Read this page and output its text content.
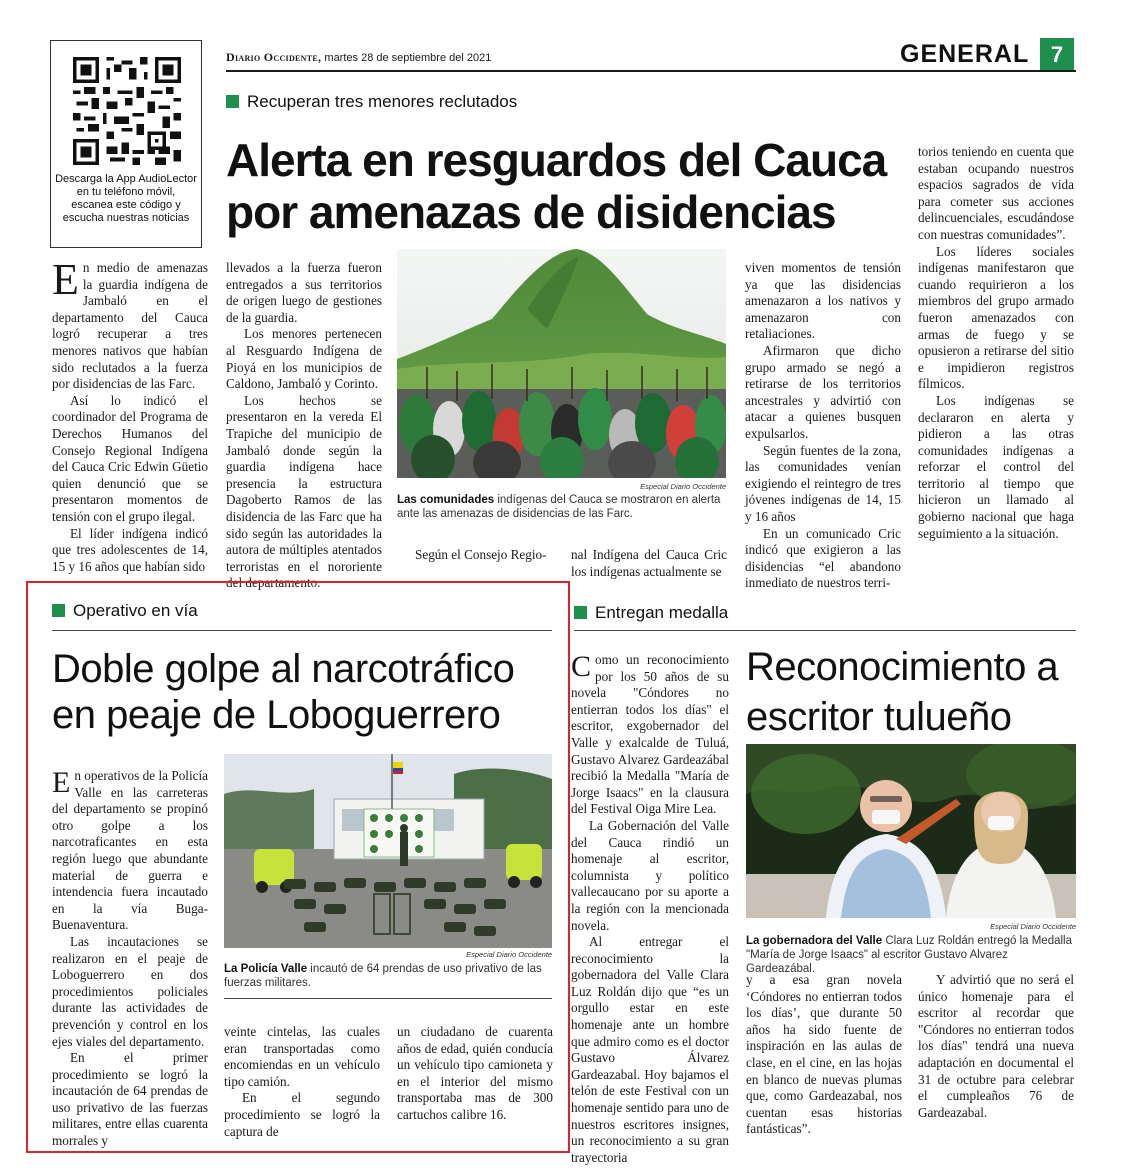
Descarga la App AudioLector en tu teléfono móvil, escanea este código y escucha nuestras noticias
Diario Occidente, martes 28 de septiembre del 2021	GENERAL 7
Recuperan tres menores reclutados
Alerta en resguardos del Cauca por amenazas de disidencias

En medio de amenazas la guardia indígena de Jambaló en el departamento del Cauca logró recuperar a tres menores nativos que habían sido reclutados a la fuerza por disidencias de las Farc.

Así lo indicó el coordinador del Programa de Derechos Humanos del Consejo Regional Indígena del Cauca Cric Edwin Güetio quien denunció que se presentaron momentos de tensión con el grupo ilegal.

El líder indígena indicó que tres adolescentes de 14, 15 y 16 años que habían sido

llevados a la fuerza fueron entregados a sus territorios de origen luego de gestiones de la guardia.

Los menores pertenecen al Resguardo Indígena de Pioyá en los municipios de Caldono, Jambaló y Corinto.

Los hechos se presentaron en la vereda El Trapiche del municipio de Jambaló donde según la guardia indígena hace presencia la estructura Dagoberto Ramos de las disidencia de las Farc que ha sido según las autoridades la autora de múltiples atentados terroristas en el nororiente del departamento.

Especial Diario Occidente
Las comunidades indígenas del Cauca se mostraron en alerta ante las amenazas de disidencias de las Farc.

Según el Consejo Regio-	nal Indígena del Cauca Cric los indígenas actualmente se

viven momentos de tensión ya que las disidencias amenazaron a los nativos y amenazaron con retaliaciones.

Afirmaron que dicho grupo armado se negó a retirarse de los territorios ancestrales y advirtió con atacar a quienes busquen expulsarlos.

Según fuentes de la zona, las comunidades venían exigiendo el reintegro de tres jóvenes indígenas de 14, 15 y 16 años

En un comunicado Cric indicó que exigieron a las disidencias “el abandono inmediato de nuestros terri-

torios teniendo en cuenta que estaban ocupando nuestros espacios sagrados de vida para cometer sus acciones delincuenciales, escudándose con nuestras comunidades”.

Los líderes sociales indígenas manifestaron que cuando requirieron a los miembros del grupo armado fueron amenazados con armas de fuego y se opusieron a retirarse del sitio e impidieron registros fílmicos.

Los indígenas se declararon en alerta y pidieron a las otras comunidades indígenas a reforzar el control del territorio al tiempo que hicieron un llamado al gobierno nacional que haga seguimiento a la situación.

Operativo en vía
Doble golpe al narcotráfico en peaje de Loboguerrero

En operativos de la Policía Valle en las carreteras del departamento se propinó otro golpe a los narcotraficantes en esta región luego que abundante material de guerra e intendencia fuera incautado en la vía Buga-Buenaventura.

Las incautaciones se realizaron en el peaje de Loboguerrero en dos procedimientos policiales durante las actividades de prevención y control en los ejes viales del departamento.

En el primer procedimiento se logró la incautación de 64 prendas de uso privativo de las fuerzas militares, entre ellas cuarenta morrales y

Especial Diario Occidente
La Policía Valle incautó de 64 prendas de uso privativo de las fuerzas militares.

veinte cintelas, las cuales eran transportadas como encomiendas en un vehículo tipo camión.

En el segundo procedimiento se logró la captura de

un ciudadano de cuarenta años de edad, quién conducía un vehículo tipo camioneta y en el interior del mismo transportaba mas de 300 cartuchos calibre 16.

Entregan medalla

Como un reconocimiento por los 50 años de su novela "Cóndores no entierran todos los días" el escritor, exgobernador del Valle y exalcalde de Tuluá, Gustavo Alvarez Gardeazábal recibió la Medalla "María de Jorge Isaacs" en la clausura del Festival Oiga Mire Lea.

La Gobernación del Valle del Cauca rindió un homenaje al escritor, columnista y político vallecaucano por su aporte a la región con la mencionada novela.

Al entregar el reconocimiento la gobernadora del Valle Clara Luz Roldán dijo que “es un orgullo estar en este homenaje ante un hombre que admiro como es el doctor Gustavo Álvarez Gardeazabal. Hoy bajamos el telón de este Festival con un homenaje sentido para uno de nuestros escritores insignes, un reconocimiento a su gran trayectoria

Reconocimiento a escritor tulueño
Especial Diario Occidente
La gobernadora del Valle Clara Luz Roldán entregó la Medalla "María de Jorge Isaacs" al escritor Gustavo Alvarez Gardeazábal.

y a esa gran novela ‘Cóndores no entierran todos los días’, que durante 50 años ha sido fuente de inspiración en las aulas de clase, en el cine, en las hojas en blanco de nuevas plumas que, como Gardeazabal, nos cuentan esas historias fantásticas”.

Y advirtió que no será el único homenaje para el escritor al recordar que "Cóndores no entierran todos los días" tendrá una nueva adaptación en documental el 31 de octubre para celebrar el cumpleaños 76 de Gardeazabal.
